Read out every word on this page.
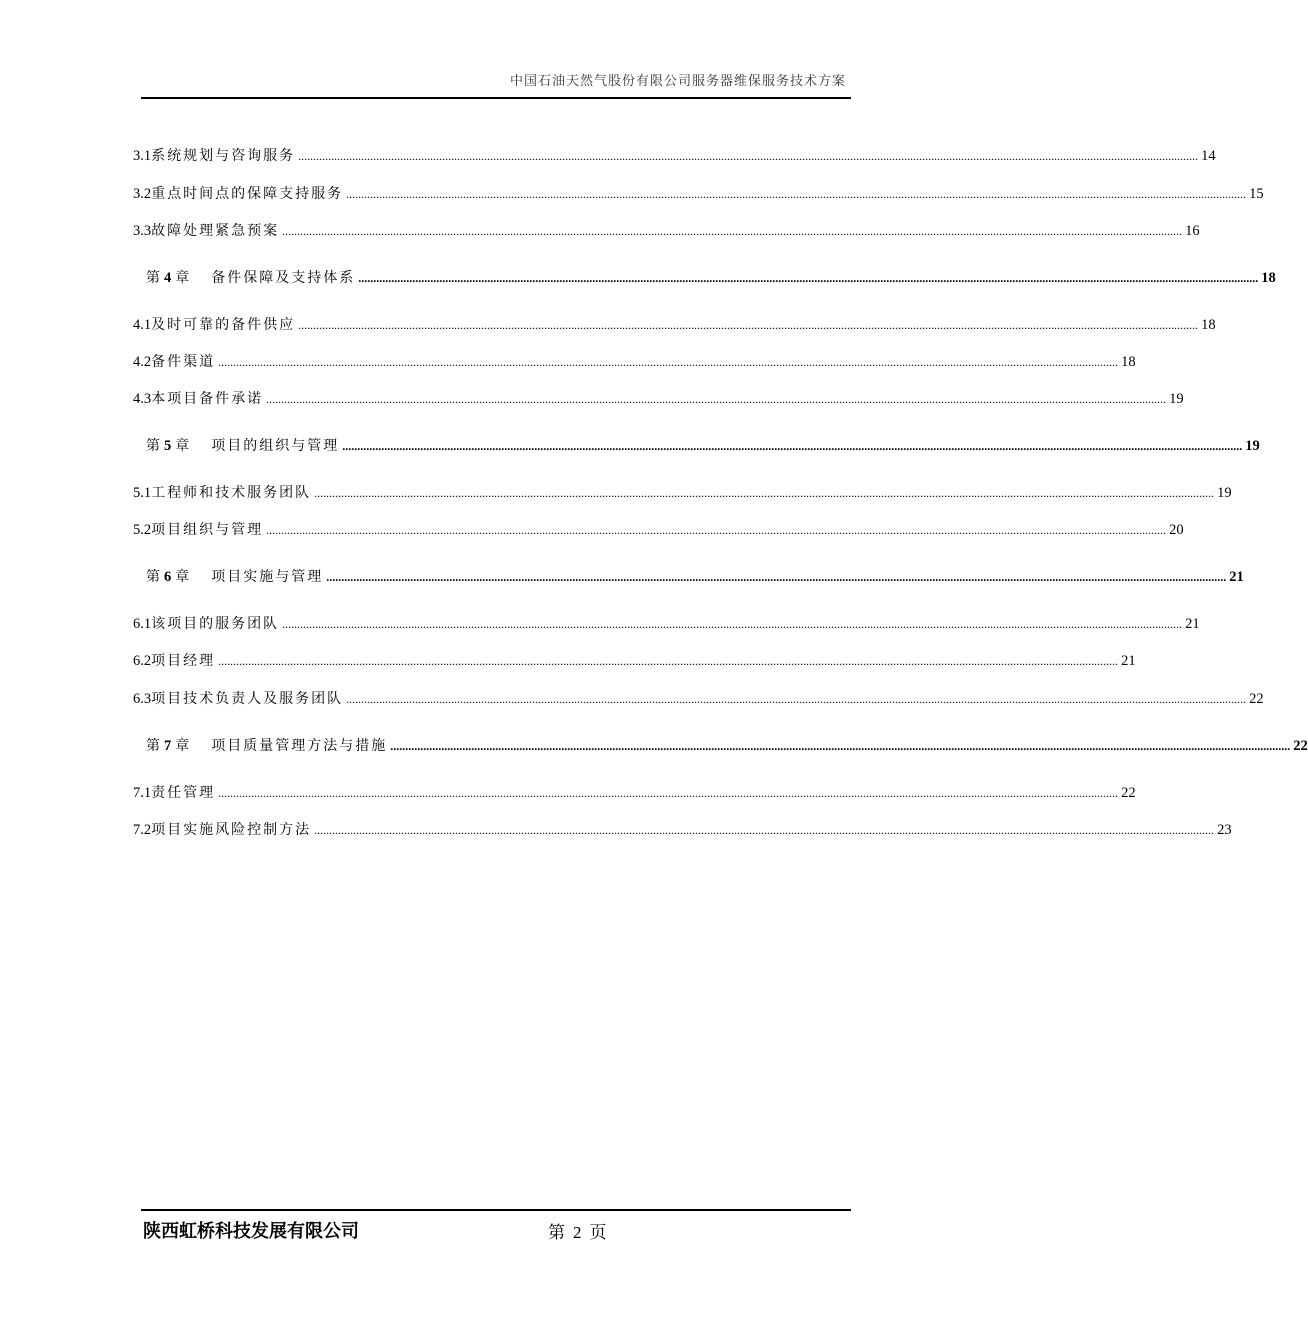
中国石油天然气股份有限公司服务器维保服务技术方案
3.1 系统规划与咨询服务 ............................................................................................................................................................................................................................................................................................................ 14
3.2 重点时间点的保障支持服务 ............................................................................................................................................................................................................................................................................................................ 15
3.3 故障处理紧急预案 ............................................................................................................................................................................................................................................................................................................ 16
第 4 章 备件保障及支持体系 ............................................................................................................................................................................................................................................................................................................ 18
4.1 及时可靠的备件供应 ............................................................................................................................................................................................................................................................................................................ 18
4.2 备件渠道 ............................................................................................................................................................................................................................................................................................................ 18
4.3 本项目备件承诺 ............................................................................................................................................................................................................................................................................................................ 19
第 5 章 项目的组织与管理 ............................................................................................................................................................................................................................................................................................................ 19
5.1 工程师和技术服务团队 ............................................................................................................................................................................................................................................................................................................ 19
5.2 项目组织与管理 ............................................................................................................................................................................................................................................................................................................ 20
第 6 章 项目实施与管理 ............................................................................................................................................................................................................................................................................................................ 21
6.1 该项目的服务团队 ............................................................................................................................................................................................................................................................................................................ 21
6.2 项目经理 ............................................................................................................................................................................................................................................................................................................ 21
6.3 项目技术负责人及服务团队 ............................................................................................................................................................................................................................................................................................................ 22
第 7 章 项目质量管理方法与措施 ............................................................................................................................................................................................................................................................................................................ 22
7.1 责任管理 ............................................................................................................................................................................................................................................................................................................ 22
7.2 项目实施风险控制方法 ............................................................................................................................................................................................................................................................................................................ 23
陕西虹桥科技发展有限公司	第 2 页
